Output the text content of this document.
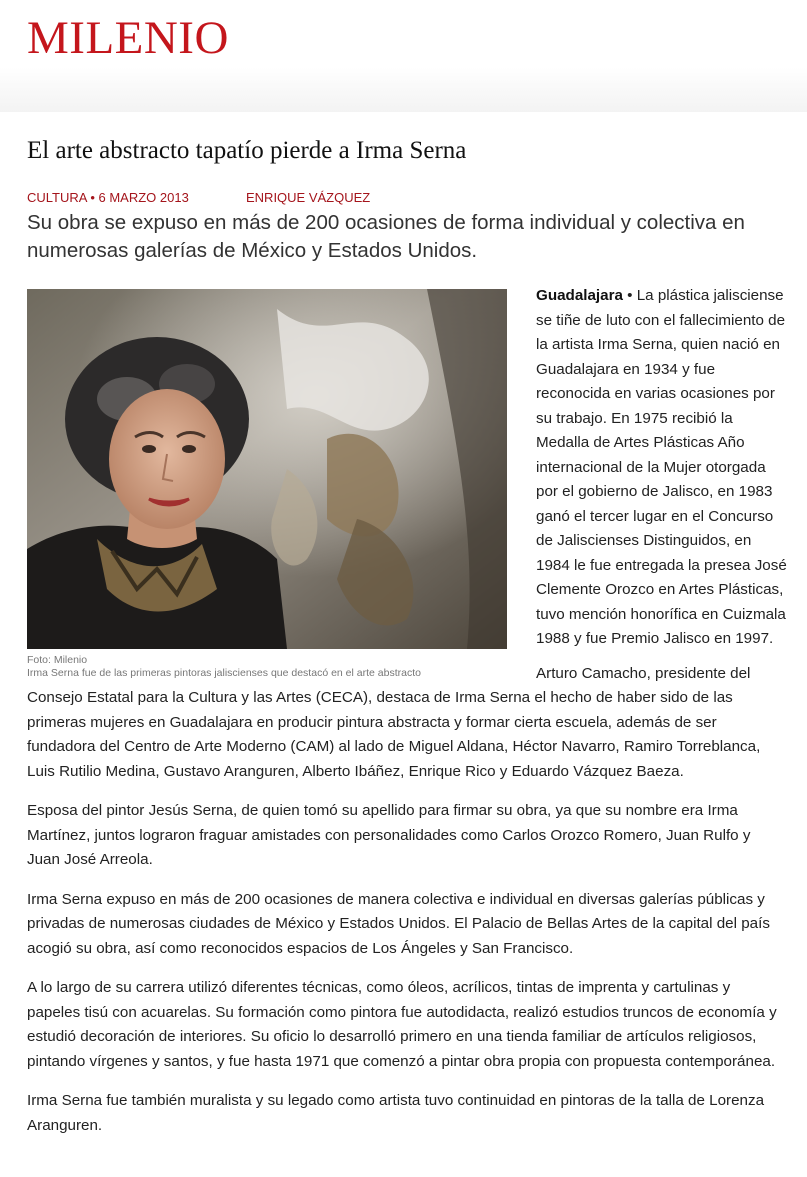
MILENIO
El arte abstracto tapatío pierde a Irma Serna
CULTURA • 6 MARZO 2013	ENRIQUE VÁZQUEZ

Su obra se expuso en más de 200 ocasiones de forma individual y colectiva en numerosas galerías de México y Estados Unidos.

Guadalajara • La plástica jalisciense se tiñe de luto con el fallecimiento de la artista Irma Serna, quien nació en Guadalajara en 1934 y fue reconocida en varias ocasiones por su trabajo. En 1975 recibió la Medalla de Artes Plásticas Año internacional de la Mujer otorgada por el gobierno de Jalisco, en 1983 ganó el tercer lugar en el Concurso de Jaliscienses Distinguidos, en 1984 le fue entregada la presea José Clemente Orozco en Artes Plásticas, tuvo mención honorífica en Cuizmala 1988 y fue Premio Jalisco en 1997.

Arturo Camacho, presidente del Consejo Estatal para la Cultura y las Artes (CECA), destaca de Irma Serna el hecho de haber sido de las primeras mujeres en Guadalajara en producir pintura abstracta y formar cierta escuela, además de ser fundadora del Centro de Arte Moderno (CAM) al lado de Miguel Aldana, Héctor Navarro, Ramiro Torreblanca, Luis Rutilio Medina, Gustavo Aranguren, Alberto Ibáñez, Enrique Rico y Eduardo Vázquez Baeza.

Esposa del pintor Jesús Serna, de quien tomó su apellido para firmar su obra, ya que su nombre era Irma Martínez, juntos lograron fraguar amistades con personalidades como Carlos Orozco Romero, Juan Rulfo y Juan José Arreola.

Irma Serna expuso en más de 200 ocasiones de manera colectiva e individual en diversas galerías públicas y privadas de numerosas ciudades de México y Estados Unidos. El Palacio de Bellas Artes de la capital del país acogió su obra, así como reconocidos espacios de Los Ángeles y San Francisco.

A lo largo de su carrera utilizó diferentes técnicas, como óleos, acrílicos, tintas de imprenta y cartulinas y papeles tisú con acuarelas. Su formación como pintora fue autodidacta, realizó estudios truncos de economía y estudió decoración de interiores. Su oficio lo desarrolló primero en una tienda familiar de artículos religiosos, pintando vírgenes y santos, y fue hasta 1971 que comenzó a pintar obra propia con propuesta contemporánea.

Irma Serna fue también muralista y su legado como artista tuvo continuidad en pintoras de la talla de Lorenza Aranguren.

Foto: Milenio
Irma Serna fue de las primeras pintoras jaliscienses que destacó en el arte abstracto
